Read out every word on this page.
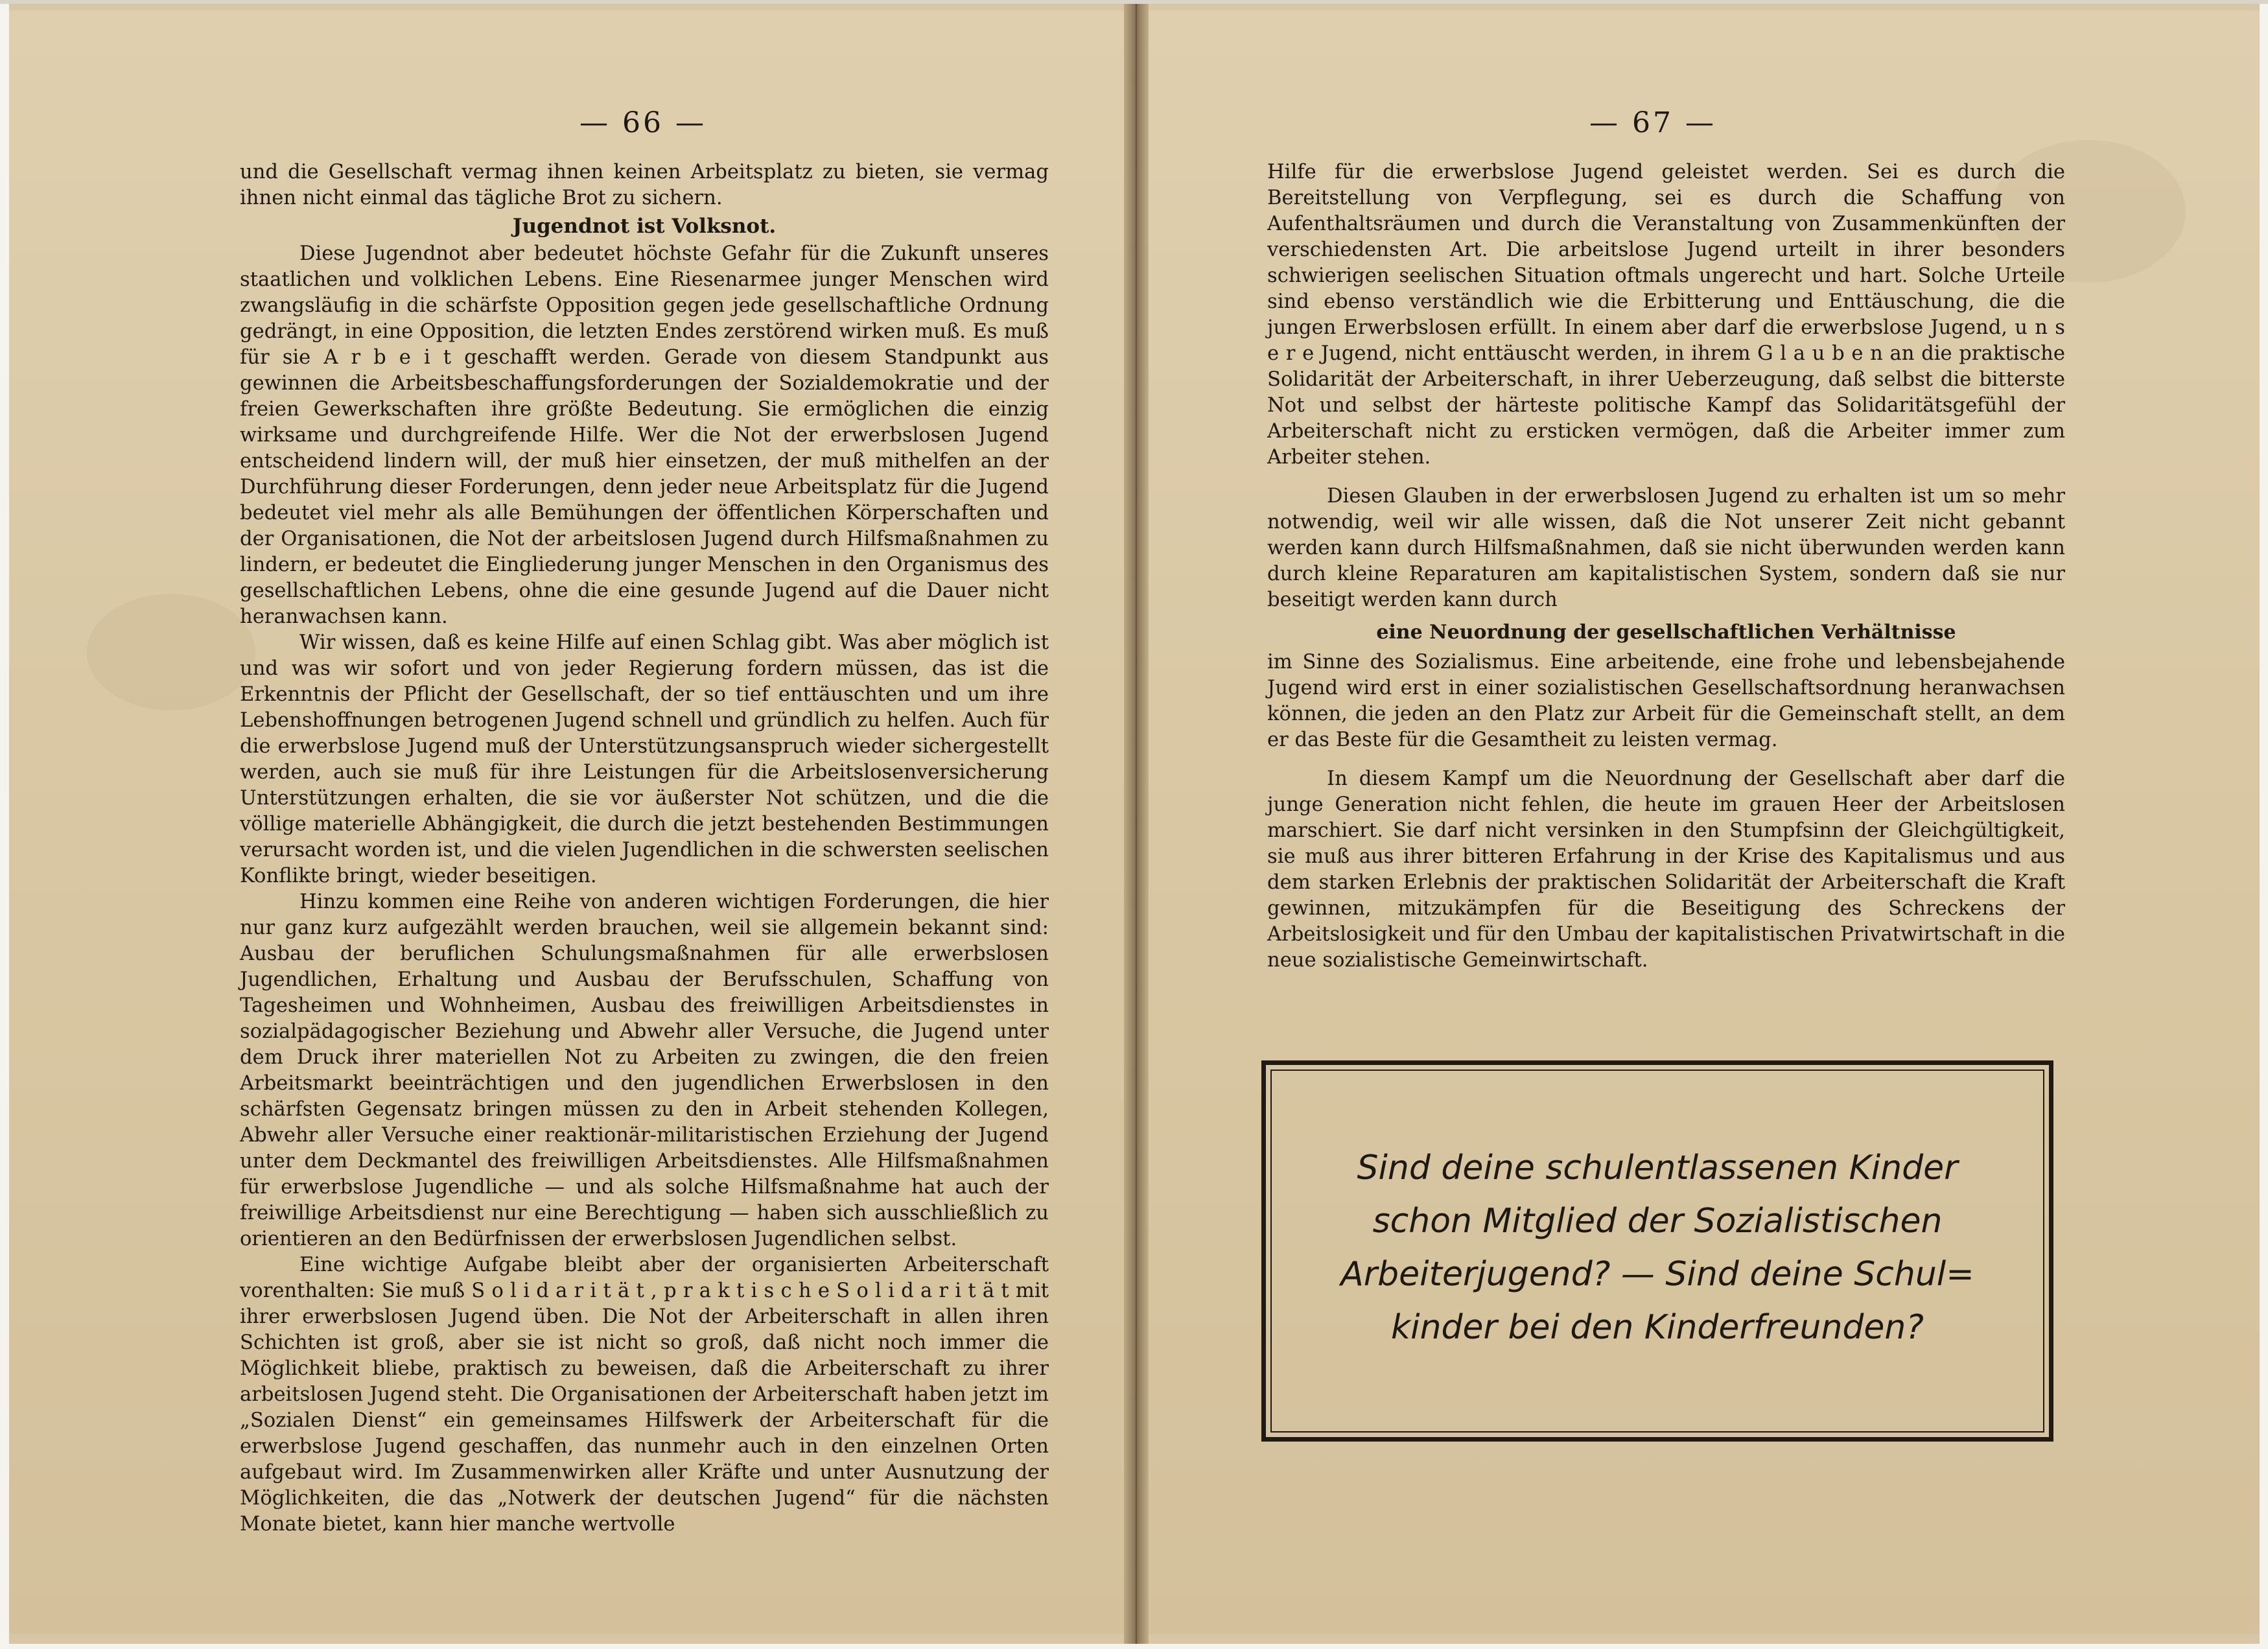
— 66 —

und die Gesellschaft vermag ihnen keinen Arbeitsplatz zu bieten, sie vermag ihnen nicht einmal das tägliche Brot zu sichern.

Jugendnot ist Volksnot.

Diese Jugendnot aber bedeutet höchste Gefahr für die Zukunft unseres staatlichen und volklichen Lebens. Eine Riesenarmee junger Menschen wird zwangsläufig in die schärfste Opposition gegen jede gesellschaftliche Ordnung gedrängt, in eine Opposition, die letzten Endes zerstörend wirken muß. Es muß für sie A r b e i t geschafft werden. Gerade von diesem Standpunkt aus gewinnen die Arbeitsbeschaffungsforderungen der Sozialdemokratie und der freien Gewerkschaften ihre größte Bedeutung. Sie ermöglichen die einzig wirksame und durchgreifende Hilfe. Wer die Not der erwerbslosen Jugend entscheidend lindern will, der muß hier einsetzen, der muß mithelfen an der Durchführung dieser Forderungen, denn jeder neue Arbeitsplatz für die Jugend bedeutet viel mehr als alle Bemühungen der öffentlichen Körperschaften und der Organisationen, die Not der arbeitslosen Jugend durch Hilfsmaßnahmen zu lindern, er bedeutet die Eingliederung junger Menschen in den Organismus des gesellschaftlichen Lebens, ohne die eine gesunde Jugend auf die Dauer nicht heranwachsen kann.

Wir wissen, daß es keine Hilfe auf einen Schlag gibt. Was aber möglich ist und was wir sofort und von jeder Regierung fordern müssen, das ist die Erkenntnis der Pflicht der Gesellschaft, der so tief enttäuschten und um ihre Lebenshoffnungen betrogenen Jugend schnell und gründlich zu helfen. Auch für die erwerbslose Jugend muß der Unterstützungsanspruch wieder sichergestellt werden, auch sie muß für ihre Leistungen für die Arbeitslosenversicherung Unterstützungen erhalten, die sie vor äußerster Not schützen, und die die völlige materielle Abhängigkeit, die durch die jetzt bestehenden Bestimmungen verursacht worden ist, und die vielen Jugendlichen in die schwersten seelischen Konflikte bringt, wieder beseitigen.

Hinzu kommen eine Reihe von anderen wichtigen Forderungen, die hier nur ganz kurz aufgezählt werden brauchen, weil sie allgemein bekannt sind: Ausbau der beruflichen Schulungsmaßnahmen für alle erwerbslosen Jugendlichen, Erhaltung und Ausbau der Berufsschulen, Schaffung von Tagesheimen und Wohnheimen, Ausbau des freiwilligen Arbeitsdienstes in sozialpädagogischer Beziehung und Abwehr aller Versuche, die Jugend unter dem Druck ihrer materiellen Not zu Arbeiten zu zwingen, die den freien Arbeitsmarkt beeinträchtigen und den jugendlichen Erwerbslosen in den schärfsten Gegensatz bringen müssen zu den in Arbeit stehenden Kollegen, Abwehr aller Versuche einer reaktionär-militaristischen Erziehung der Jugend unter dem Deckmantel des freiwilligen Arbeitsdienstes. Alle Hilfsmaßnahmen für erwerbslose Jugendliche — und als solche Hilfsmaßnahme hat auch der freiwillige Arbeitsdienst nur eine Berechtigung — haben sich ausschließlich zu orientieren an den Bedürfnissen der erwerbslosen Jugendlichen selbst.

Eine wichtige Aufgabe bleibt aber der organisierten Arbeiterschaft vorenthalten: Sie muß S o l i d a r i t ä t , p r a k t i s c h e S o l i d a r i t ä t mit ihrer erwerbslosen Jugend üben. Die Not der Arbeiterschaft in allen ihren Schichten ist groß, aber sie ist nicht so groß, daß nicht noch immer die Möglichkeit bliebe, praktisch zu beweisen, daß die Arbeiterschaft zu ihrer arbeitslosen Jugend steht. Die Organisationen der Arbeiterschaft haben jetzt im „Sozialen Dienst“ ein gemeinsames Hilfswerk der Arbeiterschaft für die erwerbslose Jugend geschaffen, das nunmehr auch in den einzelnen Orten aufgebaut wird. Im Zusammenwirken aller Kräfte und unter Ausnutzung der Möglichkeiten, die das „Notwerk der deutschen Jugend“ für die nächsten Monate bietet, kann hier manche wertvolle

— 67 —

Hilfe für die erwerbslose Jugend geleistet werden. Sei es durch die Bereitstellung von Verpflegung, sei es durch die Schaffung von Aufenthaltsräumen und durch die Veranstaltung von Zusammenkünften der verschiedensten Art. Die arbeitslose Jugend urteilt in ihrer besonders schwierigen seelischen Situation oftmals ungerecht und hart. Solche Urteile sind ebenso verständlich wie die Erbitterung und Enttäuschung, die die jungen Erwerbslosen erfüllt. In einem aber darf die erwerbslose Jugend, u n s e r e Jugend, nicht enttäuscht werden, in ihrem G l a u b e n an die praktische Solidarität der Arbeiterschaft, in ihrer Ueberzeugung, daß selbst die bitterste Not und selbst der härteste politische Kampf das Solidaritätsgefühl der Arbeiterschaft nicht zu ersticken vermögen, daß die Arbeiter immer zum Arbeiter stehen.

Diesen Glauben in der erwerbslosen Jugend zu erhalten ist um so mehr notwendig, weil wir alle wissen, daß die Not unserer Zeit nicht gebannt werden kann durch Hilfsmaßnahmen, daß sie nicht überwunden werden kann durch kleine Reparaturen am kapitalistischen System, sondern daß sie nur beseitigt werden kann durch

eine Neuordnung der gesellschaftlichen Verhältnisse

im Sinne des Sozialismus. Eine arbeitende, eine frohe und lebensbejahende Jugend wird erst in einer sozialistischen Gesellschaftsordnung heranwachsen können, die jeden an den Platz zur Arbeit für die Gemeinschaft stellt, an dem er das Beste für die Gesamtheit zu leisten vermag.

In diesem Kampf um die Neuordnung der Gesellschaft aber darf die junge Generation nicht fehlen, die heute im grauen Heer der Arbeitslosen marschiert. Sie darf nicht versinken in den Stumpfsinn der Gleichgültigkeit, sie muß aus ihrer bitteren Erfahrung in der Krise des Kapitalismus und aus dem starken Erlebnis der praktischen Solidarität der Arbeiterschaft die Kraft gewinnen, mitzukämpfen für die Beseitigung des Schreckens der Arbeitslosigkeit und für den Umbau der kapitalistischen Privatwirtschaft in die neue sozialistische Gemeinwirtschaft.

Sind deine schulentlassenen Kinder
schon Mitglied der Sozialistischen
Arbeiterjugend? — Sind deine Schul=
kinder bei den Kinderfreunden?
